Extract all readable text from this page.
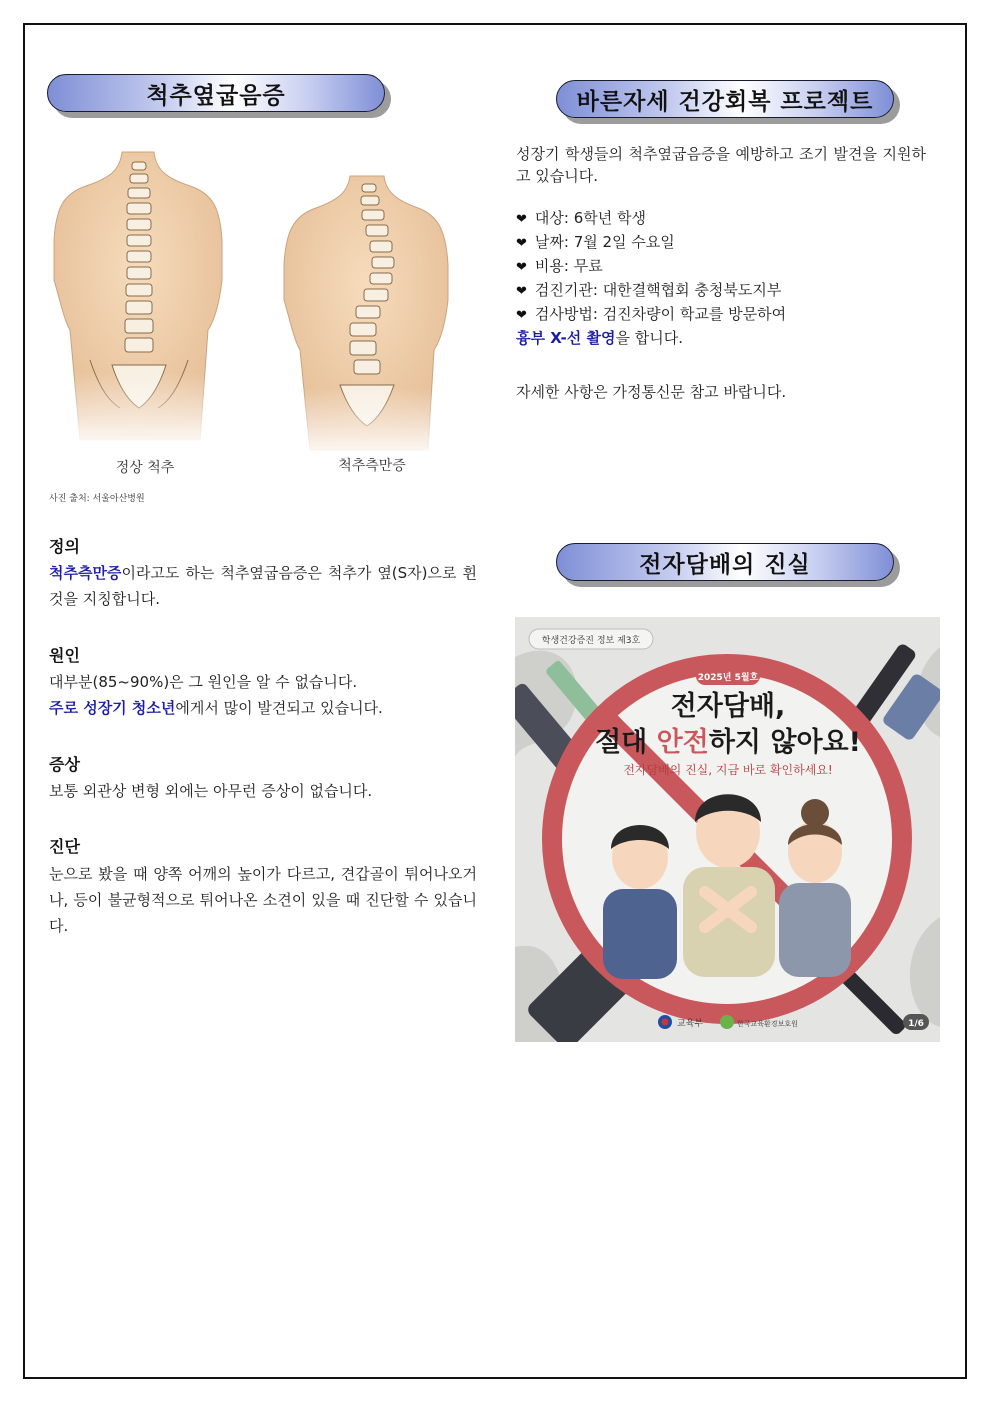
척추옆굽음증
정상 척추	척추측만증
사진 출처: 서울아산병원
정의
척추측만증이라고도 하는 척추옆굽음증은 척추가 옆(S자)으로 휜 것을 지칭합니다.
원인
대부분(85~90%)은 그 원인을 알 수 없습니다.
주로 성장기 청소년에게서 많이 발견되고 있습니다.
증상
보통 외관상 변형 외에는 아무런 증상이 없습니다.
진단
눈으로 봤을 때 양쪽 어깨의 높이가 다르고, 견갑골이 튀어나오거나, 등이 불균형적으로 튀어나온 소견이 있을 때 진단할 수 있습니다.
바른자세 건강회복 프로젝트
성장기 학생들의 척추옆굽음증을 예방하고 조기 발견을 지원하고 있습니다.
❤ 대상: 6학년 학생
❤ 날짜: 7월 2일 수요일
❤ 비용: 무료
❤ 검진기관: 대한결핵협회 충청북도지부
❤ 검사방법: 검진차량이 학교를 방문하여
흉부 X-선 촬영을 합니다.
자세한 사항은 가정통신문 참고 바랍니다.
전자담배의 진실
학생건강증진 정보 제3호
2025년 5월호
전자담배,
절대 안전하지 않아요!
전자담배의 진실, 지금 바로 확인하세요!
교육부	한국교육환경보호원	1/6
